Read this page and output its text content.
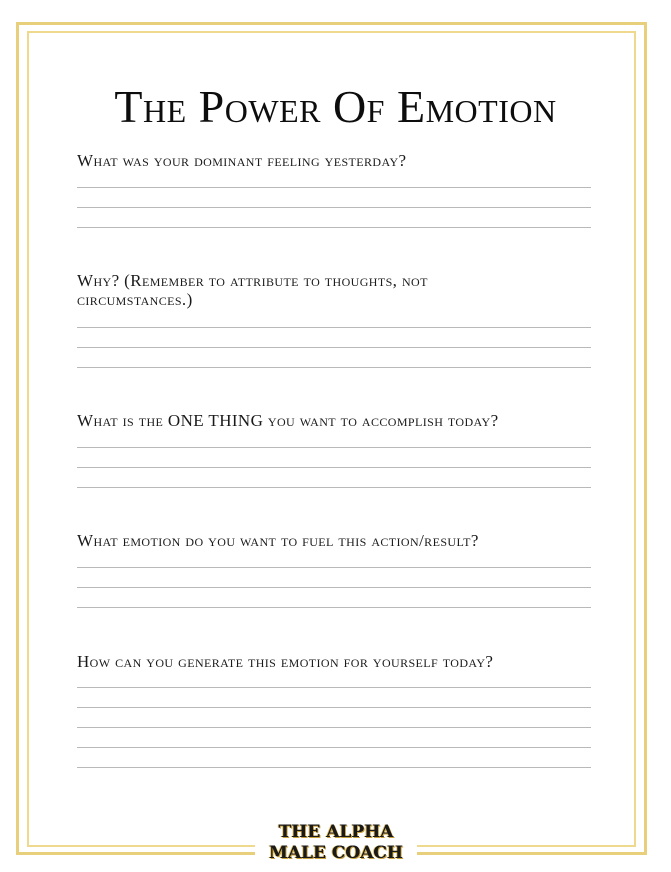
The Power Of Emotion
What was your dominant feeling yesterday?
Why? (Remember to attribute to thoughts, not circumstances.)
What is the ONE THING you want to accomplish today?
What emotion do you want to fuel this action/result?
How can you generate this emotion for yourself today?
THE ALPHA
MALE COACH
